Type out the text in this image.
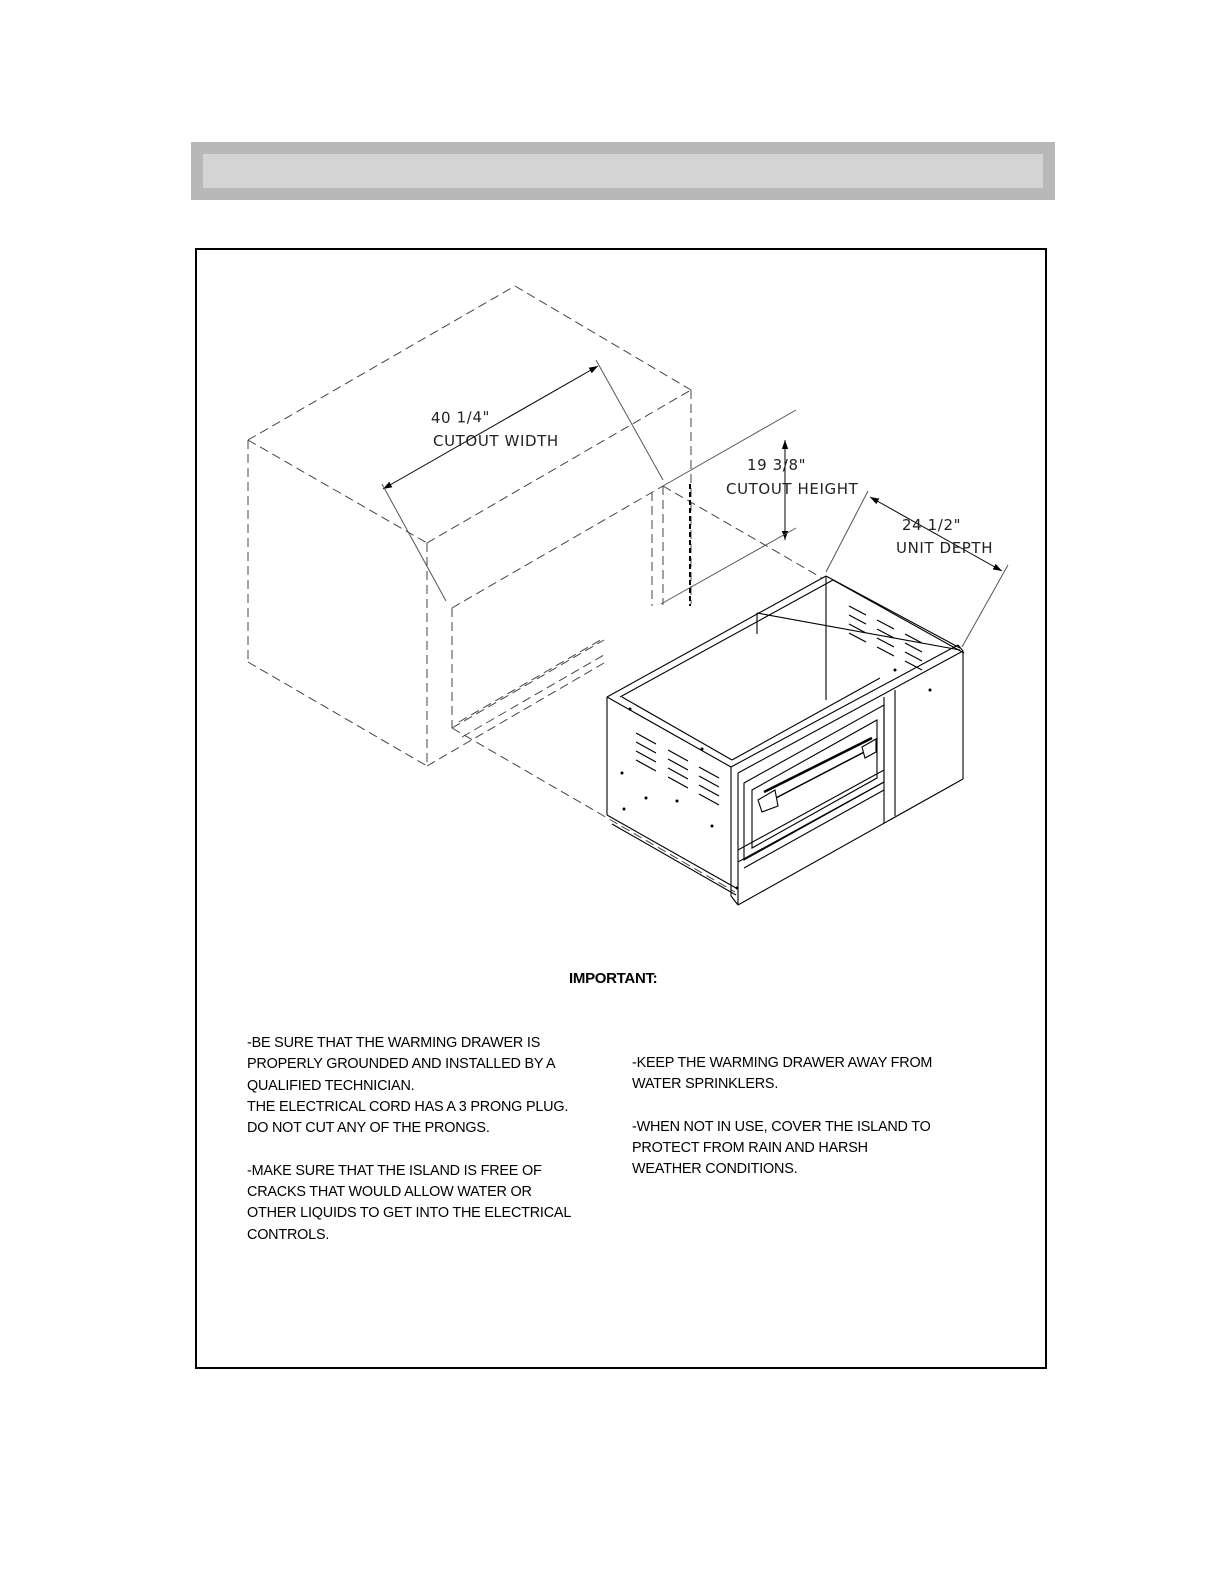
40 1/4"
CUTOUT WIDTH
19 3/8"
CUTOUT HEIGHT
24 1/2"
UNIT DEPTH
IMPORTANT:

-BE SURE THAT THE WARMING DRAWER IS

PROPERLY GROUNDED AND INSTALLED BY A

QUALIFIED TECHNICIAN.

THE ELECTRICAL CORD HAS A 3 PRONG PLUG.

DO NOT CUT ANY OF THE PRONGS.

-MAKE SURE THAT THE ISLAND IS FREE OF

CRACKS THAT WOULD ALLOW WATER OR

OTHER LIQUIDS TO GET INTO THE ELECTRICAL

CONTROLS.

-KEEP THE WARMING DRAWER AWAY FROM

WATER SPRINKLERS.

-WHEN NOT IN USE, COVER THE ISLAND TO

PROTECT FROM RAIN AND HARSH

WEATHER CONDITIONS.
